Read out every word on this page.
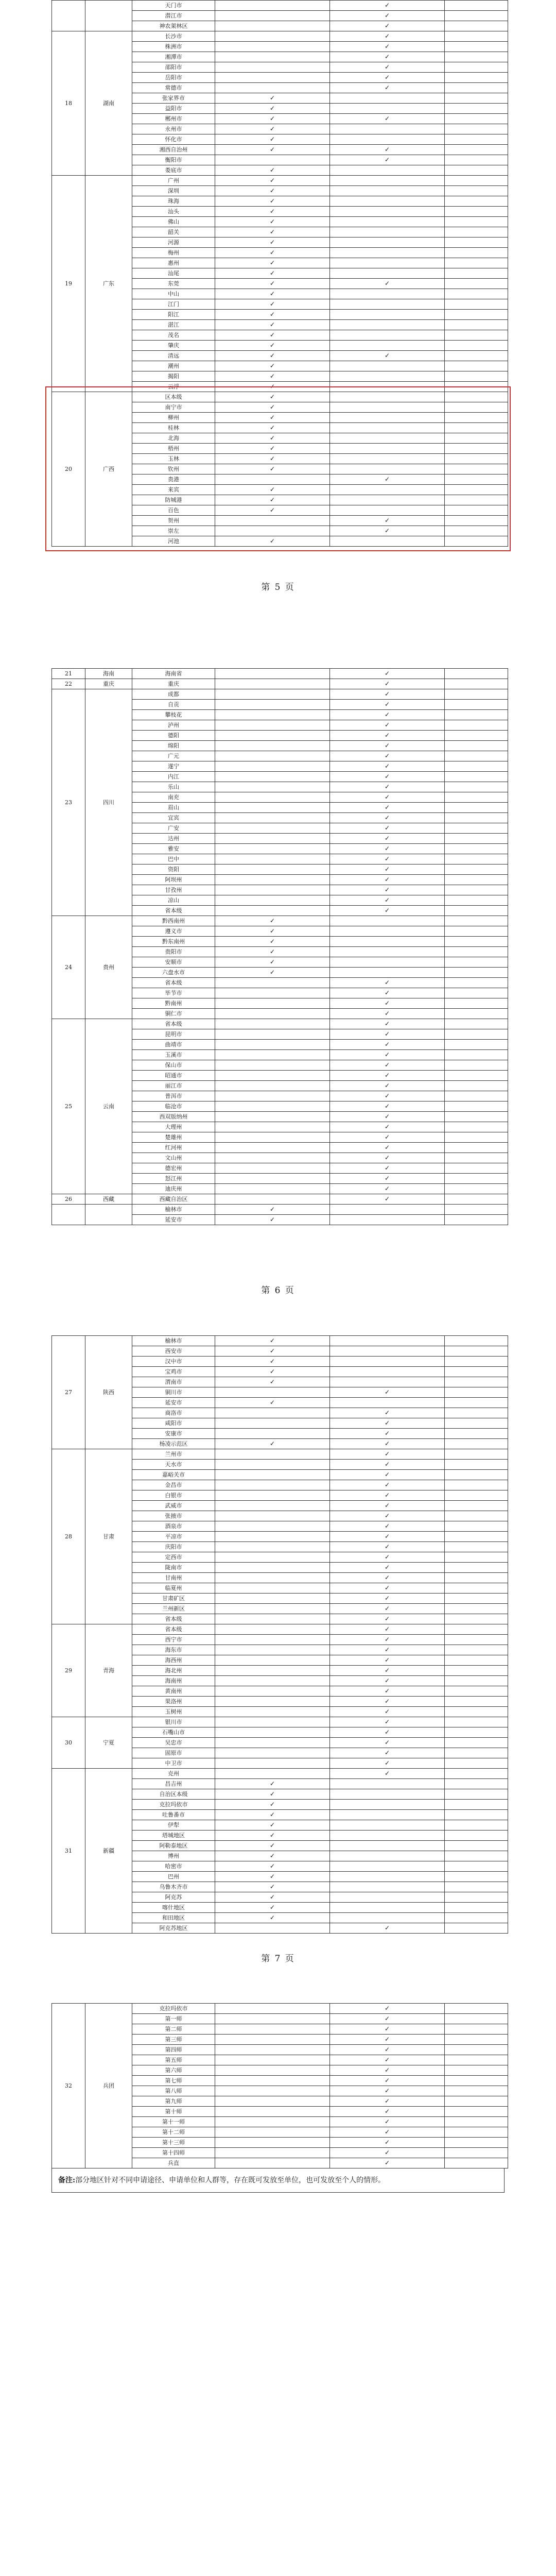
		天门市		✓	
		潜江市		✓	
		神农架林区		✓	
18	湖南	长沙市		✓	
		株洲市		✓	
		湘潭市		✓	
		邵阳市		✓	
		岳阳市		✓	
		常德市		✓	
		张家界市	✓		
		益阳市	✓		
		郴州市	✓	✓	
		永州市	✓		
		怀化市	✓		
		湘西自治州	✓	✓	
		衡阳市		✓	
		娄底市	✓		
19	广东	广州	✓		
		深圳	✓		
		珠海	✓		
		汕头	✓		
		佛山	✓		
		韶关	✓		
		河源	✓		
		梅州	✓		
		惠州	✓		
		汕尾	✓		
		东莞	✓	✓	
		中山	✓		
		江门	✓		
		阳江	✓		
		湛江	✓		
		茂名	✓		
		肇庆	✓		
		清远	✓	✓	
		潮州	✓		
		揭阳	✓		
		云浮	✓		
20	广西	区本级	✓		
		南宁市	✓		
		柳州	✓		
		桂林	✓		
		北海	✓		
		梧州	✓		
		玉林	✓		
		钦州	✓		
		贵港		✓	
		来宾	✓		
		防城港	✓		
		百色	✓		
		贺州		✓	
		崇左		✓	
		河池	✓		
第 5 页
21	海南	海南省		✓	
22	重庆	重庆		✓	
23	四川	成都		✓	
		自贡		✓	
		攀枝花		✓	
		泸州		✓	
		德阳		✓	
		绵阳		✓	
		广元		✓	
		遂宁		✓	
		内江		✓	
		乐山		✓	
		南充		✓	
		眉山		✓	
		宜宾		✓	
		广安		✓	
		达州		✓	
		雅安		✓	
		巴中		✓	
		资阳		✓	
		阿坝州		✓	
		甘孜州		✓	
		凉山		✓	
		省本级		✓	
24	贵州	黔西南州	✓		
		遵义市	✓		
		黔东南州	✓		
		贵阳市	✓		
		安顺市	✓		
		六盘水市	✓		
		省本级		✓	
		毕节市		✓	
		黔南州		✓	
		铜仁市		✓	
25	云南	省本级		✓	
		昆明市		✓	
		曲靖市		✓	
		玉溪市		✓	
		保山市		✓	
		昭通市		✓	
		丽江市		✓	
		普洱市		✓	
		临沧市		✓	
		西双版纳州		✓	
		大理州		✓	
		楚雄州		✓	
		红河州		✓	
		文山州		✓	
		德宏州		✓	
		怒江州		✓	
		迪庆州		✓	
26	西藏	西藏自治区		✓	
		榆林市	✓		
		延安市	✓		
第 6 页
27	陕西	榆林市	✓		
		西安市	✓		
		汉中市	✓		
		宝鸡市	✓		
		渭南市	✓		
		铜川市		✓	
		延安市	✓		
		商洛市		✓	
		咸阳市		✓	
		安康市		✓	
		杨凌示范区	✓	✓	
28	甘肃	兰州市		✓	
		天水市		✓	
		嘉峪关市		✓	
		金昌市		✓	
		白银市		✓	
		武威市		✓	
		张掖市		✓	
		酒泉市		✓	
		平凉市		✓	
		庆阳市		✓	
		定西市		✓	
		陇南市		✓	
		甘南州		✓	
		临夏州		✓	
		甘肃矿区		✓	
		兰州新区		✓	
		省本级		✓	
29	青海	省本级		✓	
		西宁市		✓	
		海东市		✓	
		海西州		✓	
		海北州		✓	
		海南州		✓	
		黄南州		✓	
		果洛州		✓	
		玉树州		✓	
30	宁夏	银川市		✓	
		石嘴山市		✓	
		吴忠市		✓	
		固原市		✓	
		中卫市		✓	
31	新疆	克州		✓	
		昌吉州	✓		
		自治区本级	✓		
		克拉玛依市	✓		
		吐鲁番市	✓		
		伊犁	✓		
		塔城地区	✓		
		阿勒泰地区	✓		
		博州	✓		
		哈密市	✓		
		巴州	✓		
		乌鲁木齐市	✓		
		阿克苏	✓		
		喀什地区	✓		
		和田地区	✓		
		阿克苏地区		✓	
第 7 页
32	兵团	克拉玛依市		✓	
		第一师		✓	
		第二师		✓	
		第三师		✓	
		第四师		✓	
		第五师		✓	
		第六师		✓	
		第七师		✓	
		第八师		✓	
		第九师		✓	
		第十师		✓	
		第十一师		✓	
		第十二师		✓	
		第十三师		✓	
		第十四师		✓	
		兵直		✓	
备注:部分地区针对不同申请途径、申请单位和人群等，存在既可发放至单位，也可发放至个人的情形。
